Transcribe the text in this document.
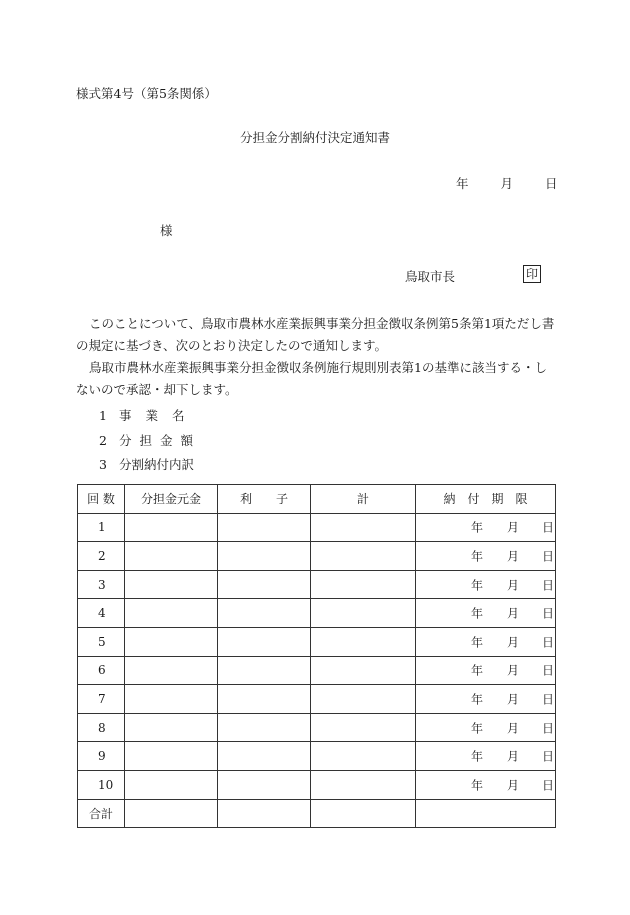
様式第4号（第5条関係）
分担金分割納付決定通知書
年	月	日
様
鳥取市長	印
このことについて、鳥取市農林水産業振興事業分担金徴収条例第5条第1項ただし書の規定に基づき、次のとおり決定したので通知します。
鳥取市農林水産業振興事業分担金徴収条例施行規則別表第1の基準に該当する・しないので承認・却下します。
1 事業名
2 分担金額
3 分割納付内訳
回 数	分担金元金	利　　子	計	納　付　期　限
1				年 月 日

2				年 月 日

3				年 月 日

4				年 月 日

5				年 月 日

6				年 月 日

7				年 月 日

8				年 月 日

9				年 月 日

10				年 月 日

合計				
